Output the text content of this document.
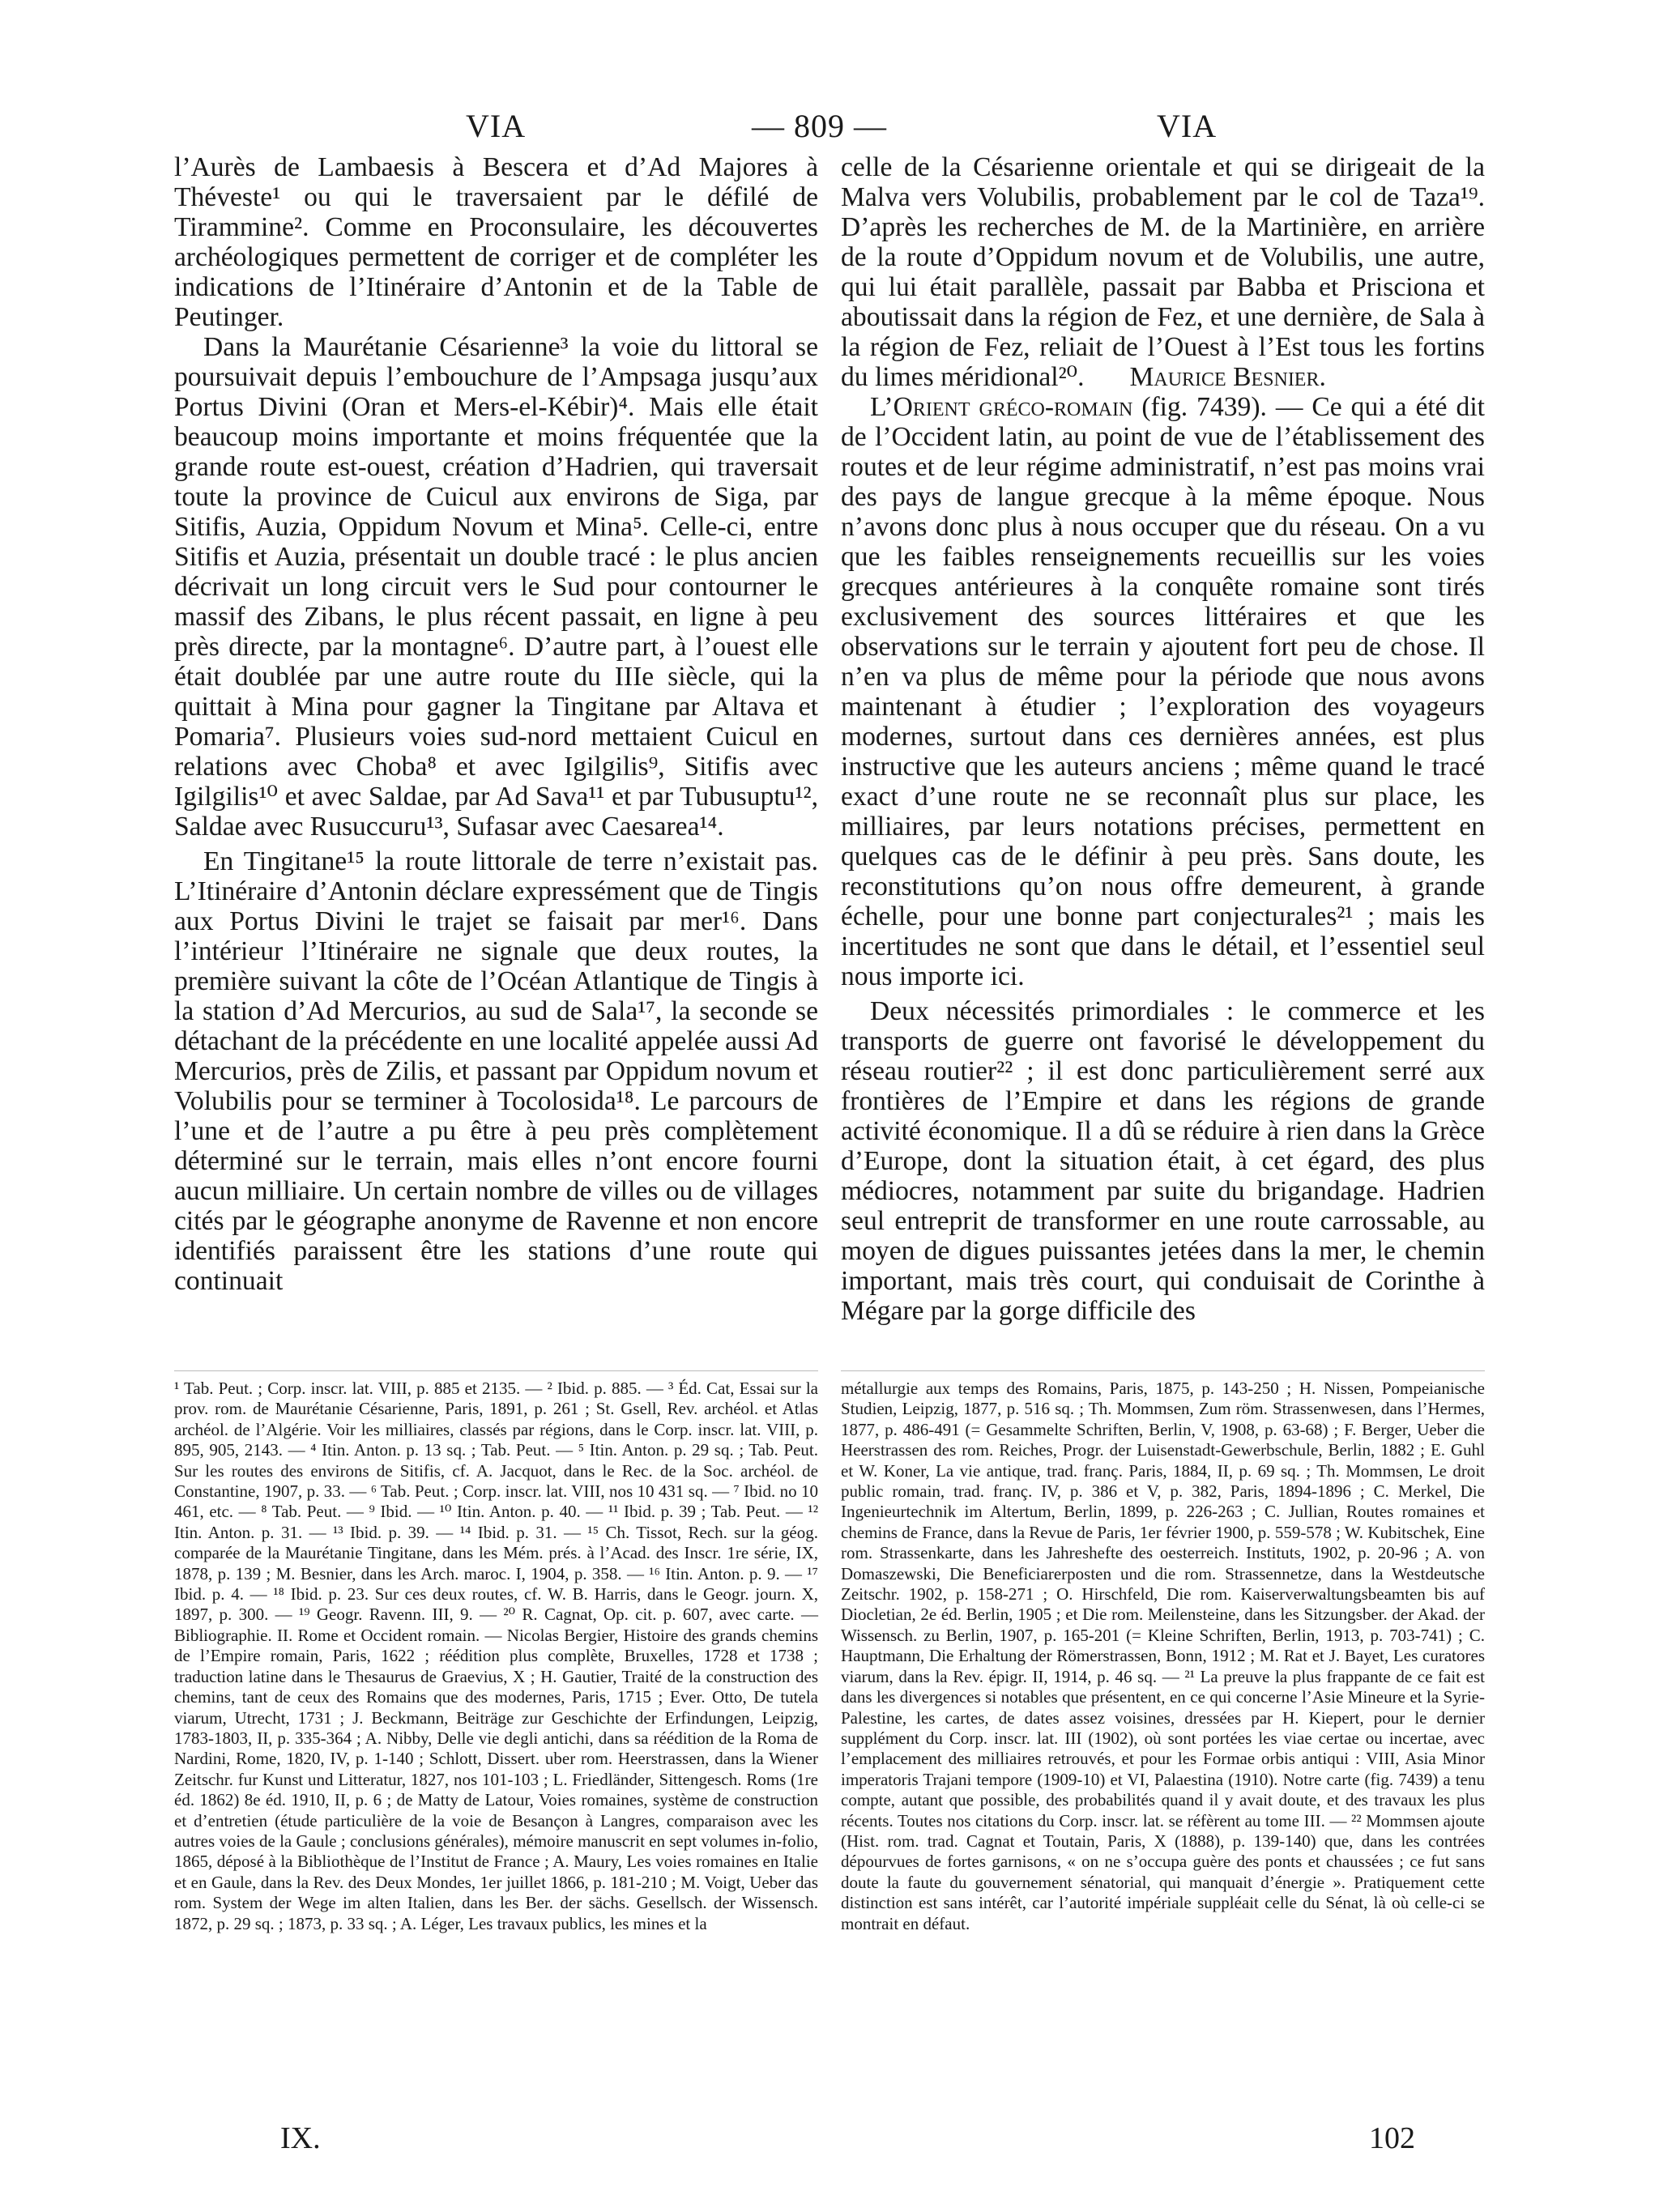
VIA	— 809 —	VIA

l’Aurès de Lambaesis à Bescera et d’Ad Majores à Théveste¹ ou qui le traversaient par le défilé de Tirammine². Comme en Proconsulaire, les découvertes archéologiques permettent de corriger et de compléter les indications de l’Itinéraire d’Antonin et de la Table de Peutinger.

Dans la Maurétanie Césarienne³ la voie du littoral se poursuivait depuis l’embouchure de l’Ampsaga jusqu’aux Portus Divini (Oran et Mers-el-Kébir)⁴. Mais elle était beaucoup moins importante et moins fréquentée que la grande route est-ouest, création d’Hadrien, qui traversait toute la province de Cuicul aux environs de Siga, par Sitifis, Auzia, Oppidum Novum et Mina⁵. Celle-ci, entre Sitifis et Auzia, présentait un double tracé : le plus ancien décrivait un long circuit vers le Sud pour contourner le massif des Zibans, le plus récent passait, en ligne à peu près directe, par la montagne⁶. D’autre part, à l’ouest elle était doublée par une autre route du IIIe siècle, qui la quittait à Mina pour gagner la Tingitane par Altava et Pomaria⁷. Plusieurs voies sud-nord mettaient Cuicul en relations avec Choba⁸ et avec Igilgilis⁹, Sitifis avec Igilgilis¹⁰ et avec Saldae, par Ad Sava¹¹ et par Tubusuptu¹², Saldae avec Rusuccuru¹³, Sufasar avec Caesarea¹⁴.

En Tingitane¹⁵ la route littorale de terre n’existait pas. L’Itinéraire d’Antonin déclare expressément que de Tingis aux Portus Divini le trajet se faisait par mer¹⁶. Dans l’intérieur l’Itinéraire ne signale que deux routes, la première suivant la côte de l’Océan Atlantique de Tingis à la station d’Ad Mercurios, au sud de Sala¹⁷, la seconde se détachant de la précédente en une localité appelée aussi Ad Mercurios, près de Zilis, et passant par Oppidum novum et Volubilis pour se terminer à Tocolosida¹⁸. Le parcours de l’une et de l’autre a pu être à peu près complètement déterminé sur le terrain, mais elles n’ont encore fourni aucun milliaire. Un certain nombre de villes ou de villages cités par le géographe anonyme de Ravenne et non encore identifiés paraissent être les stations d’une route qui continuait

celle de la Césarienne orientale et qui se dirigeait de la Malva vers Volubilis, probablement par le col de Taza¹⁹. D’après les recherches de M. de la Martinière, en arrière de la route d’Oppidum novum et de Volubilis, une autre, qui lui était parallèle, passait par Babba et Prisciona et aboutissait dans la région de Fez, et une dernière, de Sala à la région de Fez, reliait de l’Ouest à l’Est tous les fortins du limes méridional²⁰. Maurice Besnier.

L’Orient gréco-romain (fig. 7439). — Ce qui a été dit de l’Occident latin, au point de vue de l’établissement des routes et de leur régime administratif, n’est pas moins vrai des pays de langue grecque à la même époque. Nous n’avons donc plus à nous occuper que du réseau. On a vu que les faibles renseignements recueillis sur les voies grecques antérieures à la conquête romaine sont tirés exclusivement des sources littéraires et que les observations sur le terrain y ajoutent fort peu de chose. Il n’en va plus de même pour la période que nous avons maintenant à étudier ; l’exploration des voyageurs modernes, surtout dans ces dernières années, est plus instructive que les auteurs anciens ; même quand le tracé exact d’une route ne se reconnaît plus sur place, les milliaires, par leurs notations précises, permettent en quelques cas de le définir à peu près. Sans doute, les reconstitutions qu’on nous offre demeurent, à grande échelle, pour une bonne part conjecturales²¹ ; mais les incertitudes ne sont que dans le détail, et l’essentiel seul nous importe ici.

Deux nécessités primordiales : le commerce et les transports de guerre ont favorisé le développement du réseau routier²² ; il est donc particulièrement serré aux frontières de l’Empire et dans les régions de grande activité économique. Il a dû se réduire à rien dans la Grèce d’Europe, dont la situation était, à cet égard, des plus médiocres, notamment par suite du brigandage. Hadrien seul entreprit de transformer en une route carrossable, au moyen de digues puissantes jetées dans la mer, le chemin important, mais très court, qui conduisait de Corinthe à Mégare par la gorge difficile des

¹ Tab. Peut. ; Corp. inscr. lat. VIII, p. 885 et 2135. — ² Ibid. p. 885. — ³ Éd. Cat, Essai sur la prov. rom. de Maurétanie Césarienne, Paris, 1891, p. 261 ; St. Gsell, Rev. archéol. et Atlas archéol. de l’Algérie. Voir les milliaires, classés par régions, dans le Corp. inscr. lat. VIII, p. 895, 905, 2143. — ⁴ Itin. Anton. p. 13 sq. ; Tab. Peut. — ⁵ Itin. Anton. p. 29 sq. ; Tab. Peut. Sur les routes des environs de Sitifis, cf. A. Jacquot, dans le Rec. de la Soc. archéol. de Constantine, 1907, p. 33. — ⁶ Tab. Peut. ; Corp. inscr. lat. VIII, nos 10 431 sq. — ⁷ Ibid. no 10 461, etc. — ⁸ Tab. Peut. — ⁹ Ibid. — ¹⁰ Itin. Anton. p. 40. — ¹¹ Ibid. p. 39 ; Tab. Peut. — ¹² Itin. Anton. p. 31. — ¹³ Ibid. p. 39. — ¹⁴ Ibid. p. 31. — ¹⁵ Ch. Tissot, Rech. sur la géog. comparée de la Maurétanie Tingitane, dans les Mém. prés. à l’Acad. des Inscr. 1re série, IX, 1878, p. 139 ; M. Besnier, dans les Arch. maroc. I, 1904, p. 358. — ¹⁶ Itin. Anton. p. 9. — ¹⁷ Ibid. p. 4. — ¹⁸ Ibid. p. 23. Sur ces deux routes, cf. W. B. Harris, dans le Geogr. journ. X, 1897, p. 300. — ¹⁹ Geogr. Ravenn. III, 9. — ²⁰ R. Cagnat, Op. cit. p. 607, avec carte. — Bibliographie. II. Rome et Occident romain. — Nicolas Bergier, Histoire des grands chemins de l’Empire romain, Paris, 1622 ; réédition plus complète, Bruxelles, 1728 et 1738 ; traduction latine dans le Thesaurus de Graevius, X ; H. Gautier, Traité de la construction des chemins, tant de ceux des Romains que des modernes, Paris, 1715 ; Ever. Otto, De tutela viarum, Utrecht, 1731 ; J. Beckmann, Beiträge zur Geschichte der Erfindungen, Leipzig, 1783-1803, II, p. 335-364 ; A. Nibby, Delle vie degli antichi, dans sa réédition de la Roma de Nardini, Rome, 1820, IV, p. 1-140 ; Schlott, Dissert. uber rom. Heerstrassen, dans la Wiener Zeitschr. fur Kunst und Litteratur, 1827, nos 101-103 ; L. Friedländer, Sittengesch. Roms (1re éd. 1862) 8e éd. 1910, II, p. 6 ; de Matty de Latour, Voies romaines, système de construction et d’entretien (étude particulière de la voie de Besançon à Langres, comparaison avec les autres voies de la Gaule ; conclusions générales), mémoire manuscrit en sept volumes in-folio, 1865, déposé à la Bibliothèque de l’Institut de France ; A. Maury, Les voies romaines en Italie et en Gaule, dans la Rev. des Deux Mondes, 1er juillet 1866, p. 181-210 ; M. Voigt, Ueber das rom. System der Wege im alten Italien, dans les Ber. der sächs. Gesellsch. der Wissensch. 1872, p. 29 sq. ; 1873, p. 33 sq. ; A. Léger, Les travaux publics, les mines et la

métallurgie aux temps des Romains, Paris, 1875, p. 143-250 ; H. Nissen, Pompeianische Studien, Leipzig, 1877, p. 516 sq. ; Th. Mommsen, Zum röm. Strassenwesen, dans l’Hermes, 1877, p. 486-491 (= Gesammelte Schriften, Berlin, V, 1908, p. 63-68) ; F. Berger, Ueber die Heerstrassen des rom. Reiches, Progr. der Luisenstadt-Gewerbschule, Berlin, 1882 ; E. Guhl et W. Koner, La vie antique, trad. franç. Paris, 1884, II, p. 69 sq. ; Th. Mommsen, Le droit public romain, trad. franç. IV, p. 386 et V, p. 382, Paris, 1894-1896 ; C. Merkel, Die Ingenieurtechnik im Altertum, Berlin, 1899, p. 226-263 ; C. Jullian, Routes romaines et chemins de France, dans la Revue de Paris, 1er février 1900, p. 559-578 ; W. Kubitschek, Eine rom. Strassenkarte, dans les Jahreshefte des oesterreich. Instituts, 1902, p. 20-96 ; A. von Domaszewski, Die Beneficiarerposten und die rom. Strassennetze, dans la Westdeutsche Zeitschr. 1902, p. 158-271 ; O. Hirschfeld, Die rom. Kaiserverwaltungsbeamten bis auf Diocletian, 2e éd. Berlin, 1905 ; et Die rom. Meilensteine, dans les Sitzungsber. der Akad. der Wissensch. zu Berlin, 1907, p. 165-201 (= Kleine Schriften, Berlin, 1913, p. 703-741) ; C. Hauptmann, Die Erhaltung der Römerstrassen, Bonn, 1912 ; M. Rat et J. Bayet, Les curatores viarum, dans la Rev. épigr. II, 1914, p. 46 sq. — ²¹ La preuve la plus frappante de ce fait est dans les divergences si notables que présentent, en ce qui concerne l’Asie Mineure et la Syrie-Palestine, les cartes, de dates assez voisines, dressées par H. Kiepert, pour le dernier supplément du Corp. inscr. lat. III (1902), où sont portées les viae certae ou incertae, avec l’emplacement des milliaires retrouvés, et pour les Formae orbis antiqui : VIII, Asia Minor imperatoris Trajani tempore (1909-10) et VI, Palaestina (1910). Notre carte (fig. 7439) a tenu compte, autant que possible, des probabilités quand il y avait doute, et des travaux les plus récents. Toutes nos citations du Corp. inscr. lat. se réfèrent au tome III. — ²² Mommsen ajoute (Hist. rom. trad. Cagnat et Toutain, Paris, X (1888), p. 139-140) que, dans les contrées dépourvues de fortes garnisons, « on ne s’occupa guère des ponts et chaussées ; ce fut sans doute la faute du gouvernement sénatorial, qui manquait d’énergie ». Pratiquement cette distinction est sans intérêt, car l’autorité impériale suppléait celle du Sénat, là où celle-ci se montrait en défaut.

IX.	102
